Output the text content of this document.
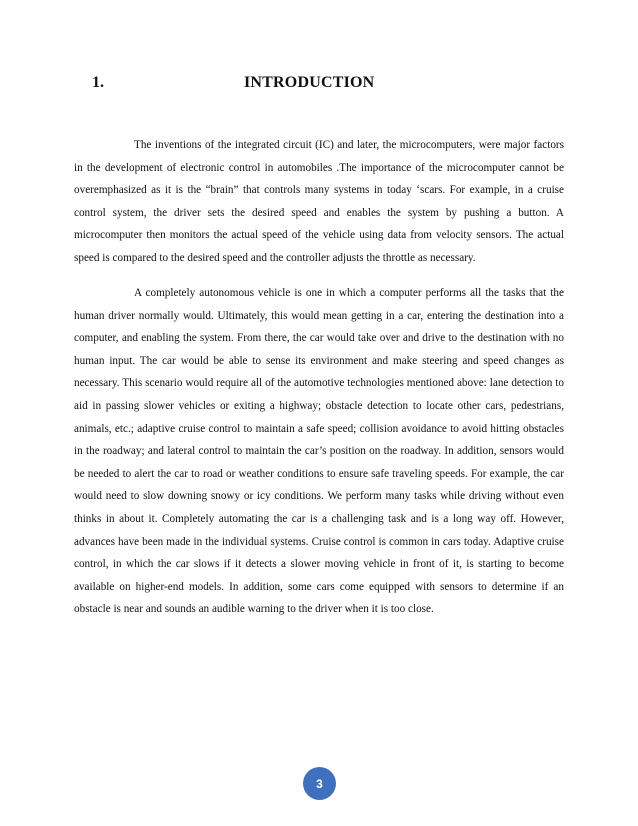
1.	INTRODUCTION

The inventions of the integrated circuit (IC) and later, the microcomputers, were major factors in the development of electronic control in automobiles .The importance of the microcomputer cannot be overemphasized as it is the “brain” that controls many systems in today ‘scars. For example, in a cruise control system, the driver sets the desired speed and enables the system by pushing a button. A microcomputer then monitors the actual speed of the vehicle using data from velocity sensors. The actual speed is compared to the desired speed and the controller adjusts the throttle as necessary.

A completely autonomous vehicle is one in which a computer performs all the tasks that the human driver normally would. Ultimately, this would mean getting in a car, entering the destination into a computer, and enabling the system. From there, the car would take over and drive to the destination with no human input. The car would be able to sense its environment and make steering and speed changes as necessary. This scenario would require all of the automotive technologies mentioned above: lane detection to aid in passing slower vehicles or exiting a highway; obstacle detection to locate other cars, pedestrians, animals, etc.; adaptive cruise control to maintain a safe speed; collision avoidance to avoid hitting obstacles in the roadway; and lateral control to maintain the car’s position on the roadway. In addition, sensors would be needed to alert the car to road or weather conditions to ensure safe traveling speeds. For example, the car would need to slow downing snowy or icy conditions. We perform many tasks while driving without even thinks in about it. Completely automating the car is a challenging task and is a long way off. However, advances have been made in the individual systems. Cruise control is common in cars today. Adaptive cruise control, in which the car slows if it detects a slower moving vehicle in front of it, is starting to become available on higher-end models. In addition, some cars come equipped with sensors to determine if an obstacle is near and sounds an audible warning to the driver when it is too close.

3
